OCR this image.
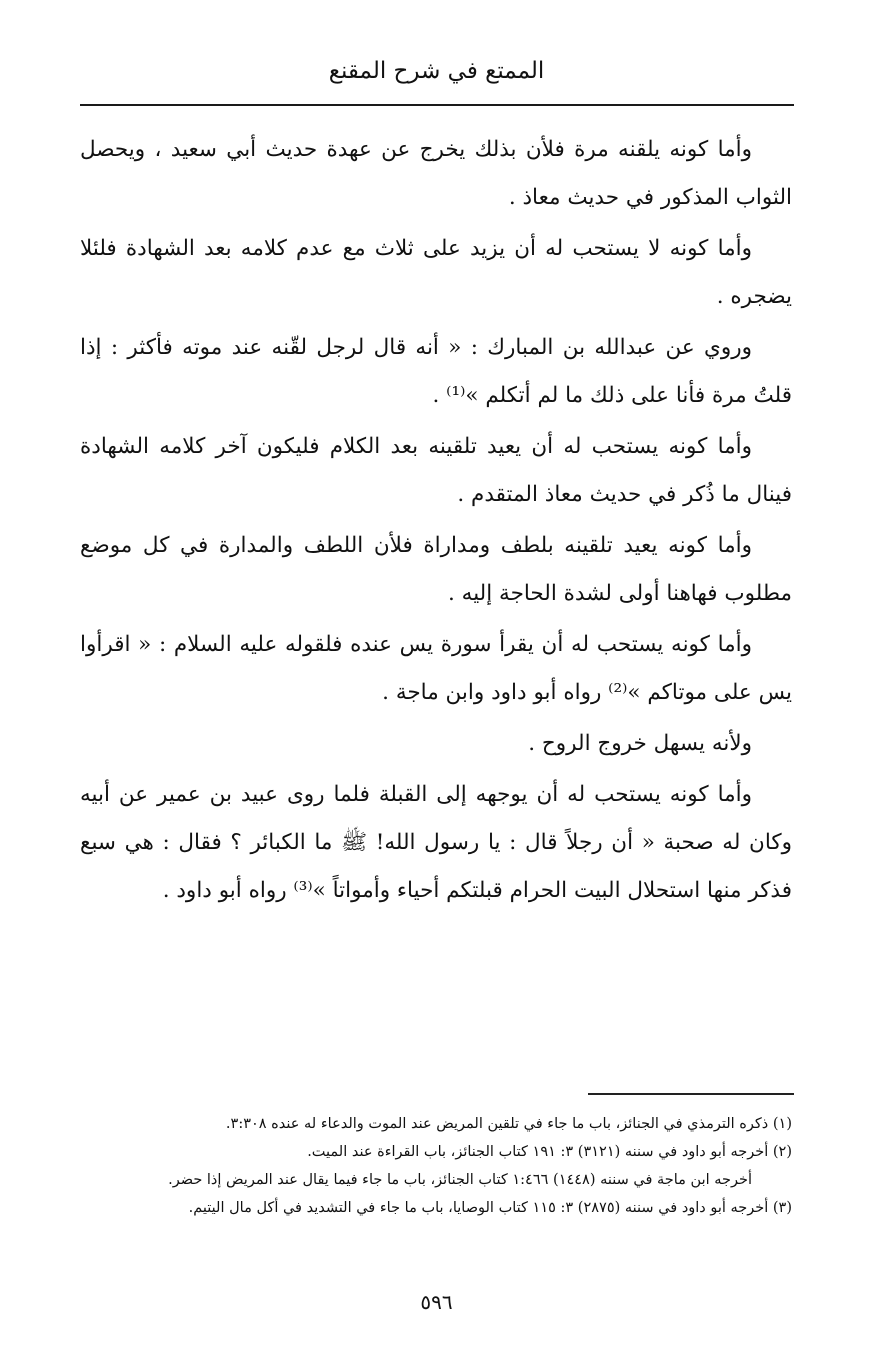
الممتع في شرح المقنع

وأما كونه يلقنه مرة فلأن بذلك يخرج عن عهدة حديث أبي سعيد ، ويحصل الثواب المذكور في حديث معاذ .

وأما كونه لا يستحب له أن يزيد على ثلاث مع عدم كلامه بعد الشهادة فلئلا يضجره .

وروي عن عبدالله بن المبارك : « أنه قال لرجل لقّنه عند موته فأكثر : إذا قلتُ مرة فأنا على ذلك ما لم أتكلم »⁽¹⁾ .

وأما كونه يستحب له أن يعيد تلقينه بعد الكلام فليكون آخر كلامه الشهادة فينال ما ذُكر في حديث معاذ المتقدم .

وأما كونه يعيد تلقينه بلطف ومداراة فلأن اللطف والمدارة في كل موضع مطلوب فهاهنا أولى لشدة الحاجة إليه .

وأما كونه يستحب له أن يقرأ سورة يس عنده فلقوله عليه السلام : « اقرأوا يس على موتاكم »⁽²⁾ رواه أبو داود وابن ماجة .

ولأنه يسهل خروج الروح .

وأما كونه يستحب له أن يوجهه إلى القبلة فلما روى عبيد بن عمير عن أبيه وكان له صحبة « أن رجلاً قال : يا رسول الله! ﷺ ما الكبائر ؟ فقال : هي سبع فذكر منها استحلال البيت الحرام قبلتكم أحياء وأمواتاً »⁽³⁾ رواه أبو داود .

(١) ذكره الترمذي في الجنائز، باب ما جاء في تلقين المريض عند الموت والدعاء له عنده ٣:٣٠٨.

(٢) أخرجه أبو داود في سننه (٣١٢١) ٣: ١٩١ كتاب الجنائز، باب القراءة عند الميت.

أخرجه ابن ماجة في سننه (١٤٤٨) ١:٤٦٦ كتاب الجنائز، باب ما جاء فيما يقال عند المريض إذا حضر.

(٣) أخرجه أبو داود في سننه (٢٨٧٥) ٣: ١١٥ كتاب الوصايا، باب ما جاء في التشديد في أكل مال اليتيم.

٥٩٦
